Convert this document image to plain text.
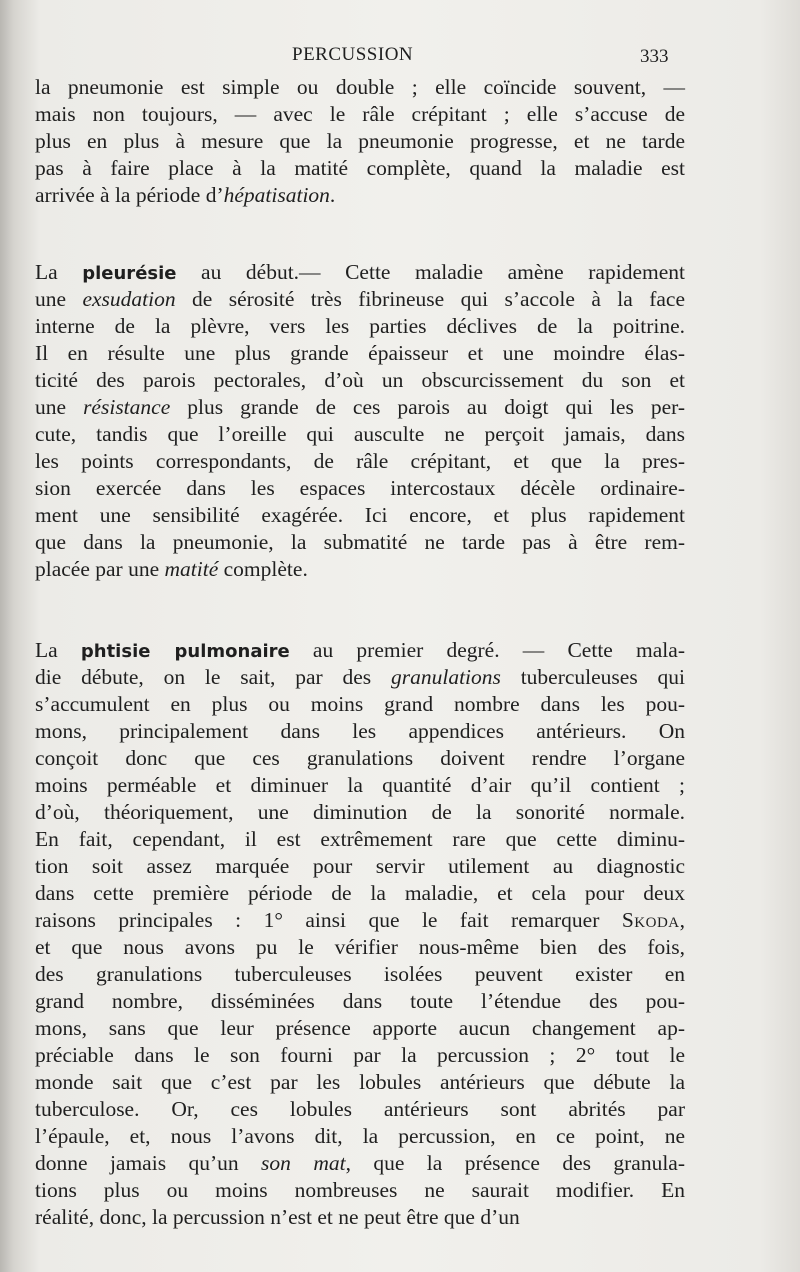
PERCUSSION	333
la pneumonie est simple ou double ; elle coïncide souvent, —
mais non toujours, — avec le râle crépitant ; elle s’accuse de
plus en plus à mesure que la pneumonie progresse, et ne tarde
pas à faire place à la matité complète, quand la maladie est
arrivée à la période d’hépatisation.
La pleurésie au début.— Cette maladie amène rapidement
une exsudation de sérosité très fibrineuse qui s’accole à la face
interne de la plèvre, vers les parties déclives de la poitrine.
Il en résulte une plus grande épaisseur et une moindre élas-
ticité des parois pectorales, d’où un obscurcissement du son et
une résistance plus grande de ces parois au doigt qui les per-
cute, tandis que l’oreille qui ausculte ne perçoit jamais, dans
les points correspondants, de râle crépitant, et que la pres-
sion exercée dans les espaces intercostaux décèle ordinaire-
ment une sensibilité exagérée. Ici encore, et plus rapidement
que dans la pneumonie, la submatité ne tarde pas à être rem-
placée par une matité complète.
La phtisie pulmonaire au premier degré. — Cette mala-
die débute, on le sait, par des granulations tuberculeuses qui
s’accumulent en plus ou moins grand nombre dans les pou-
mons, principalement dans les appendices antérieurs. On
conçoit donc que ces granulations doivent rendre l’organe
moins perméable et diminuer la quantité d’air qu’il contient ;
d’où, théoriquement, une diminution de la sonorité normale.
En fait, cependant, il est extrêmement rare que cette diminu-
tion soit assez marquée pour servir utilement au diagnostic
dans cette première période de la maladie, et cela pour deux
raisons principales : 1° ainsi que le fait remarquer Skoda,
et que nous avons pu le vérifier nous-même bien des fois,
des granulations tuberculeuses isolées peuvent exister en
grand nombre, disséminées dans toute l’étendue des pou-
mons, sans que leur présence apporte aucun changement ap-
préciable dans le son fourni par la percussion ; 2° tout le
monde sait que c’est par les lobules antérieurs que débute la
tuberculose. Or, ces lobules antérieurs sont abrités par
l’épaule, et, nous l’avons dit, la percussion, en ce point, ne
donne jamais qu’un son mat, que la présence des granula-
tions plus ou moins nombreuses ne saurait modifier. En
réalité, donc, la percussion n’est et ne peut être que d’un
